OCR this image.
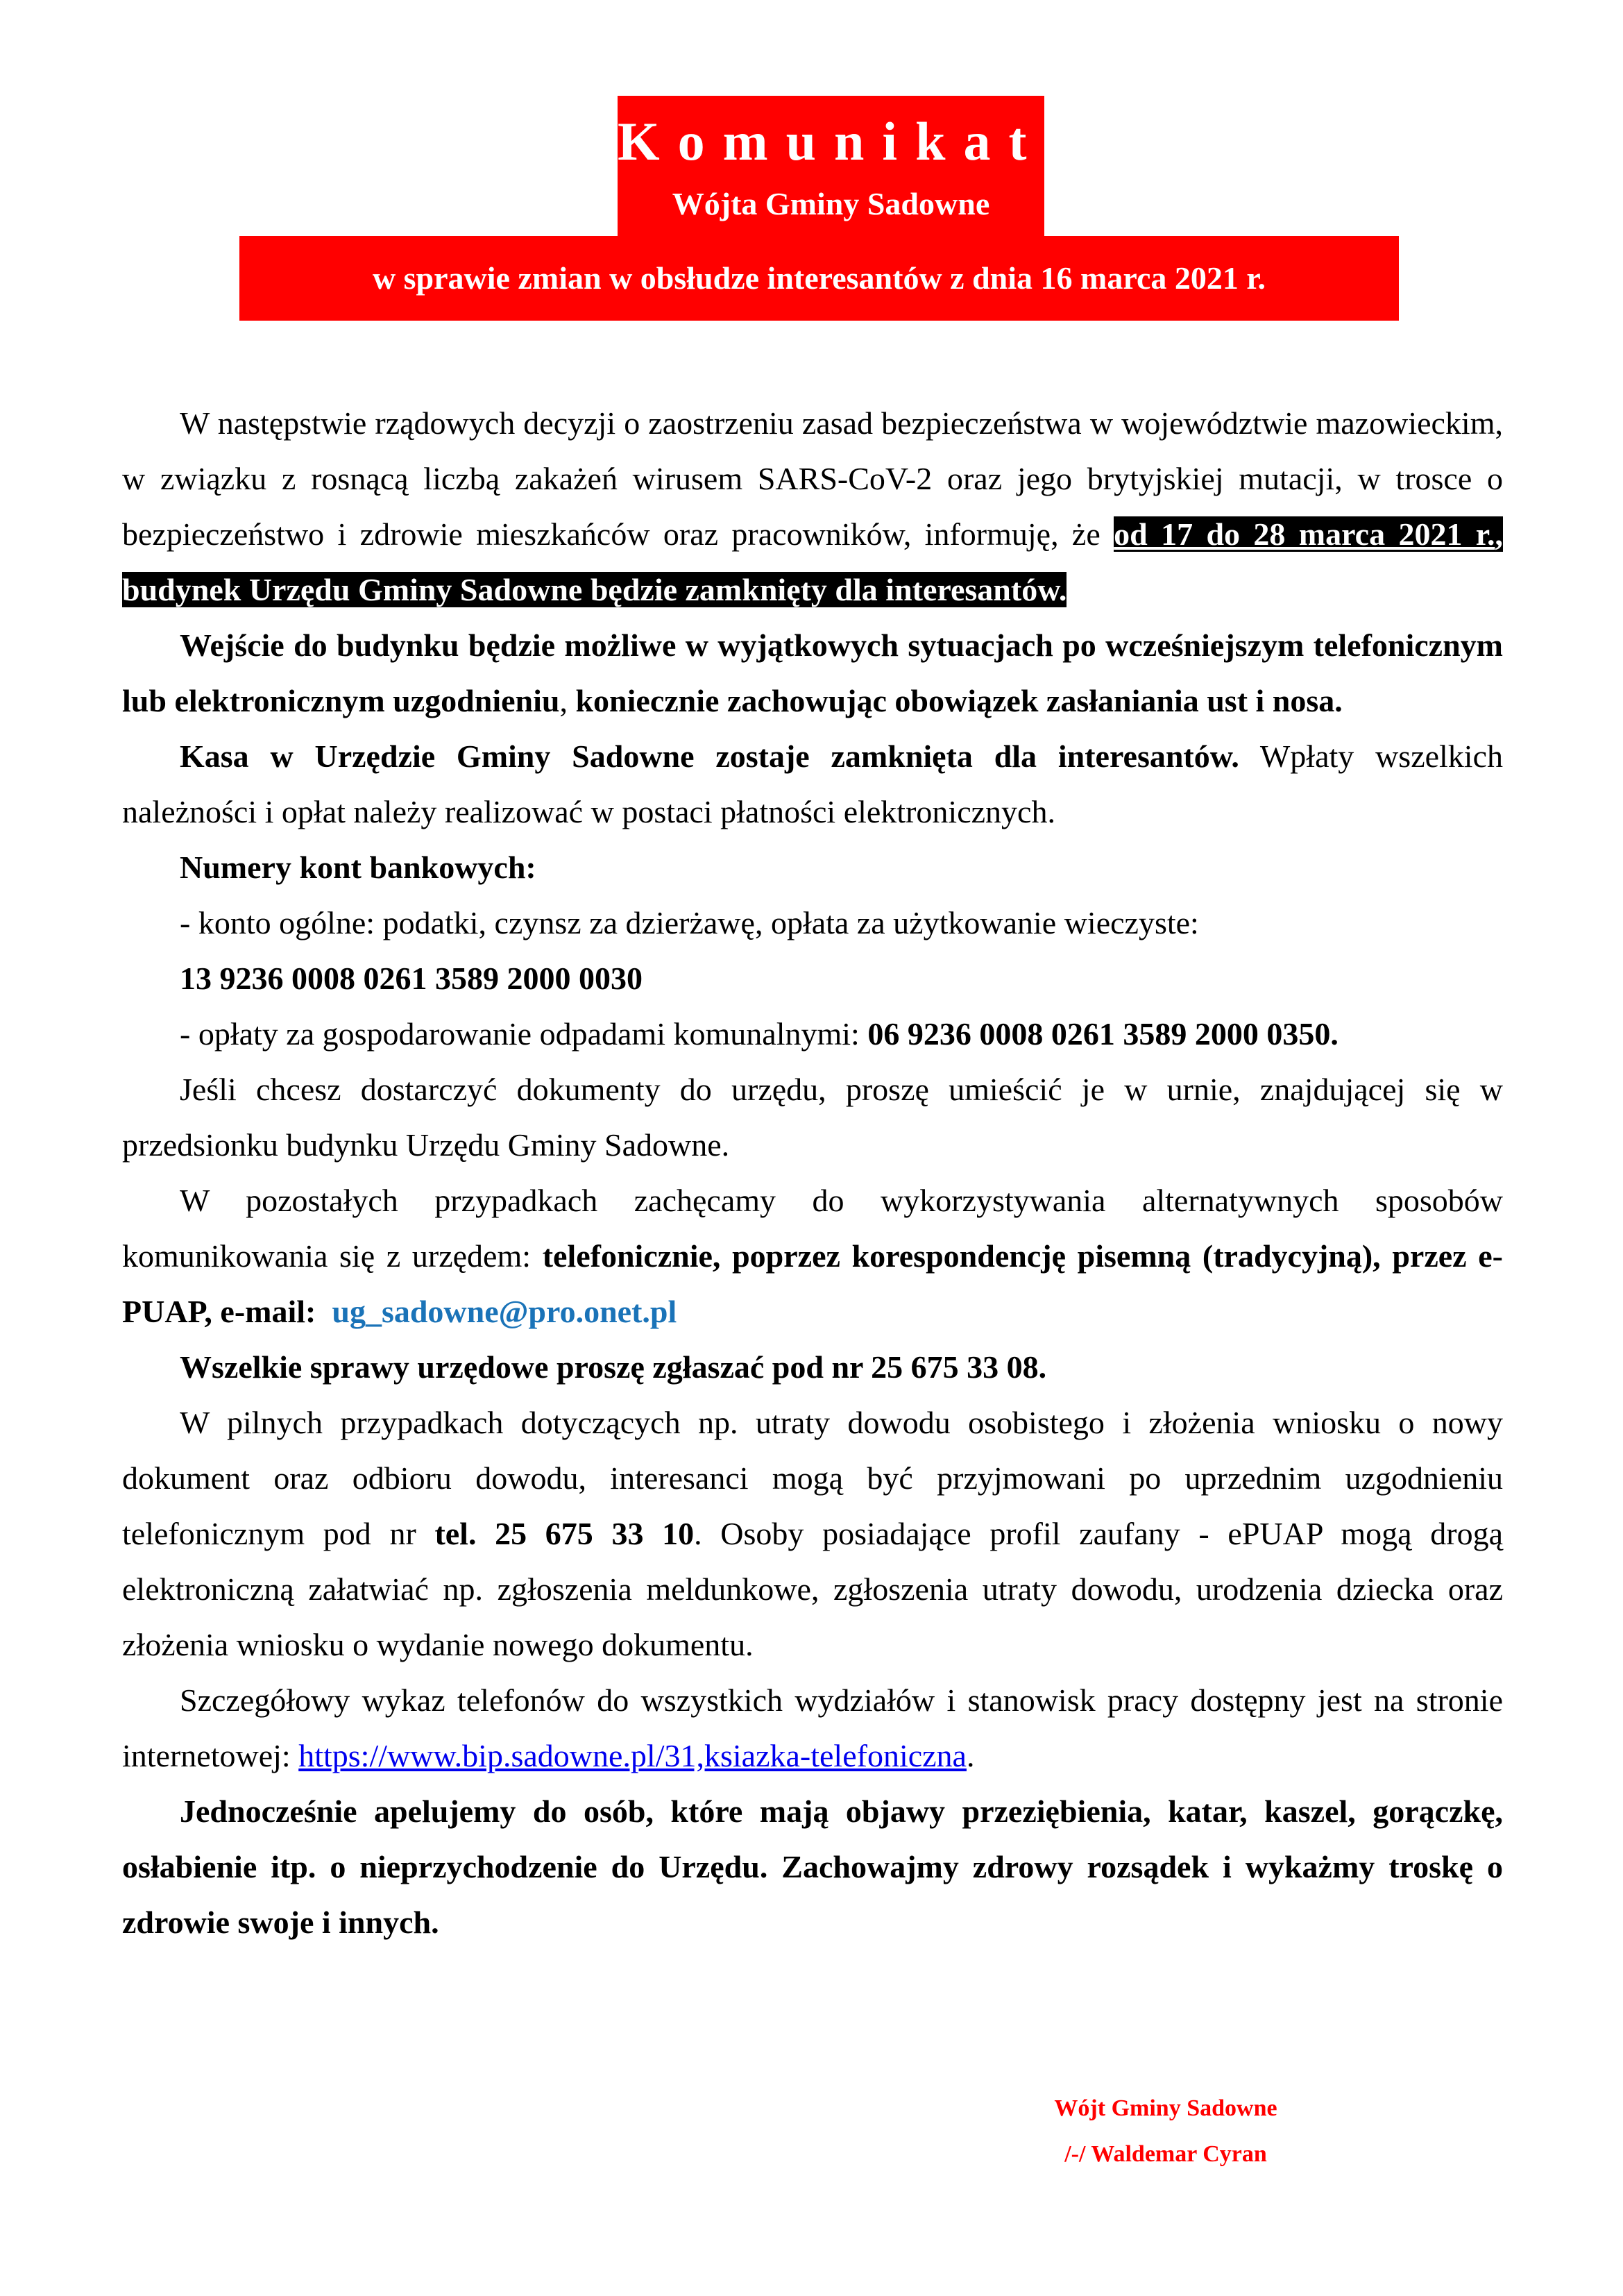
Komunikat
Wójta Gminy Sadowne
w sprawie zmian w obsłudze interesantów z dnia 16 marca 2021 r.

W następstwie rządowych decyzji o zaostrzeniu zasad bezpieczeństwa w województwie mazowieckim, w związku z rosnącą liczbą zakażeń wirusem SARS-CoV-2 oraz jego brytyjskiej mutacji, w trosce o bezpieczeństwo i zdrowie mieszkańców oraz pracowników, informuję, że od 17 do 28 marca 2021 r., budynek Urzędu Gminy Sadowne będzie zamknięty dla interesantów.

Wejście do budynku będzie możliwe w wyjątkowych sytuacjach po wcześniejszym telefonicznym lub elektronicznym uzgodnieniu, koniecznie zachowując obowiązek zasłaniania ust i nosa.

Kasa w Urzędzie Gminy Sadowne zostaje zamknięta dla interesantów. Wpłaty wszelkich należności i opłat należy realizować w postaci płatności elektronicznych.

Numery kont bankowych:

- konto ogólne: podatki, czynsz za dzierżawę, opłata za użytkowanie wieczyste:

13 9236 0008 0261 3589 2000 0030

- opłaty za gospodarowanie odpadami komunalnymi: 06 9236 0008 0261 3589 2000 0350.

Jeśli chcesz dostarczyć dokumenty do urzędu, proszę umieścić je w urnie, znajdującej się w przedsionku budynku Urzędu Gminy Sadowne.

W pozostałych przypadkach zachęcamy do wykorzystywania alternatywnych sposobów komunikowania się z urzędem: telefonicznie, poprzez korespondencję pisemną (tradycyjną), przez e-PUAP, e-mail: ug_sadowne@pro.onet.pl

Wszelkie sprawy urzędowe proszę zgłaszać pod nr 25 675 33 08.

W pilnych przypadkach dotyczących np. utraty dowodu osobistego i złożenia wniosku o nowy dokument oraz odbioru dowodu, interesanci mogą być przyjmowani po uprzednim uzgodnieniu telefonicznym pod nr tel. 25 675 33 10. Osoby posiadające profil zaufany - ePUAP mogą drogą elektroniczną załatwiać np. zgłoszenia meldunkowe, zgłoszenia utraty dowodu, urodzenia dziecka oraz złożenia wniosku o wydanie nowego dokumentu.

Szczegółowy wykaz telefonów do wszystkich wydziałów i stanowisk pracy dostępny jest na stronie internetowej: https://www.bip.sadowne.pl/31,ksiazka-telefoniczna.

Jednocześnie apelujemy do osób, które mają objawy przeziębienia, katar, kaszel, gorączkę, osłabienie itp. o nieprzychodzenie do Urzędu. Zachowajmy zdrowy rozsądek i wykażmy troskę o zdrowie swoje i innych.

Wójt Gminy Sadowne
/-/ Waldemar Cyran
